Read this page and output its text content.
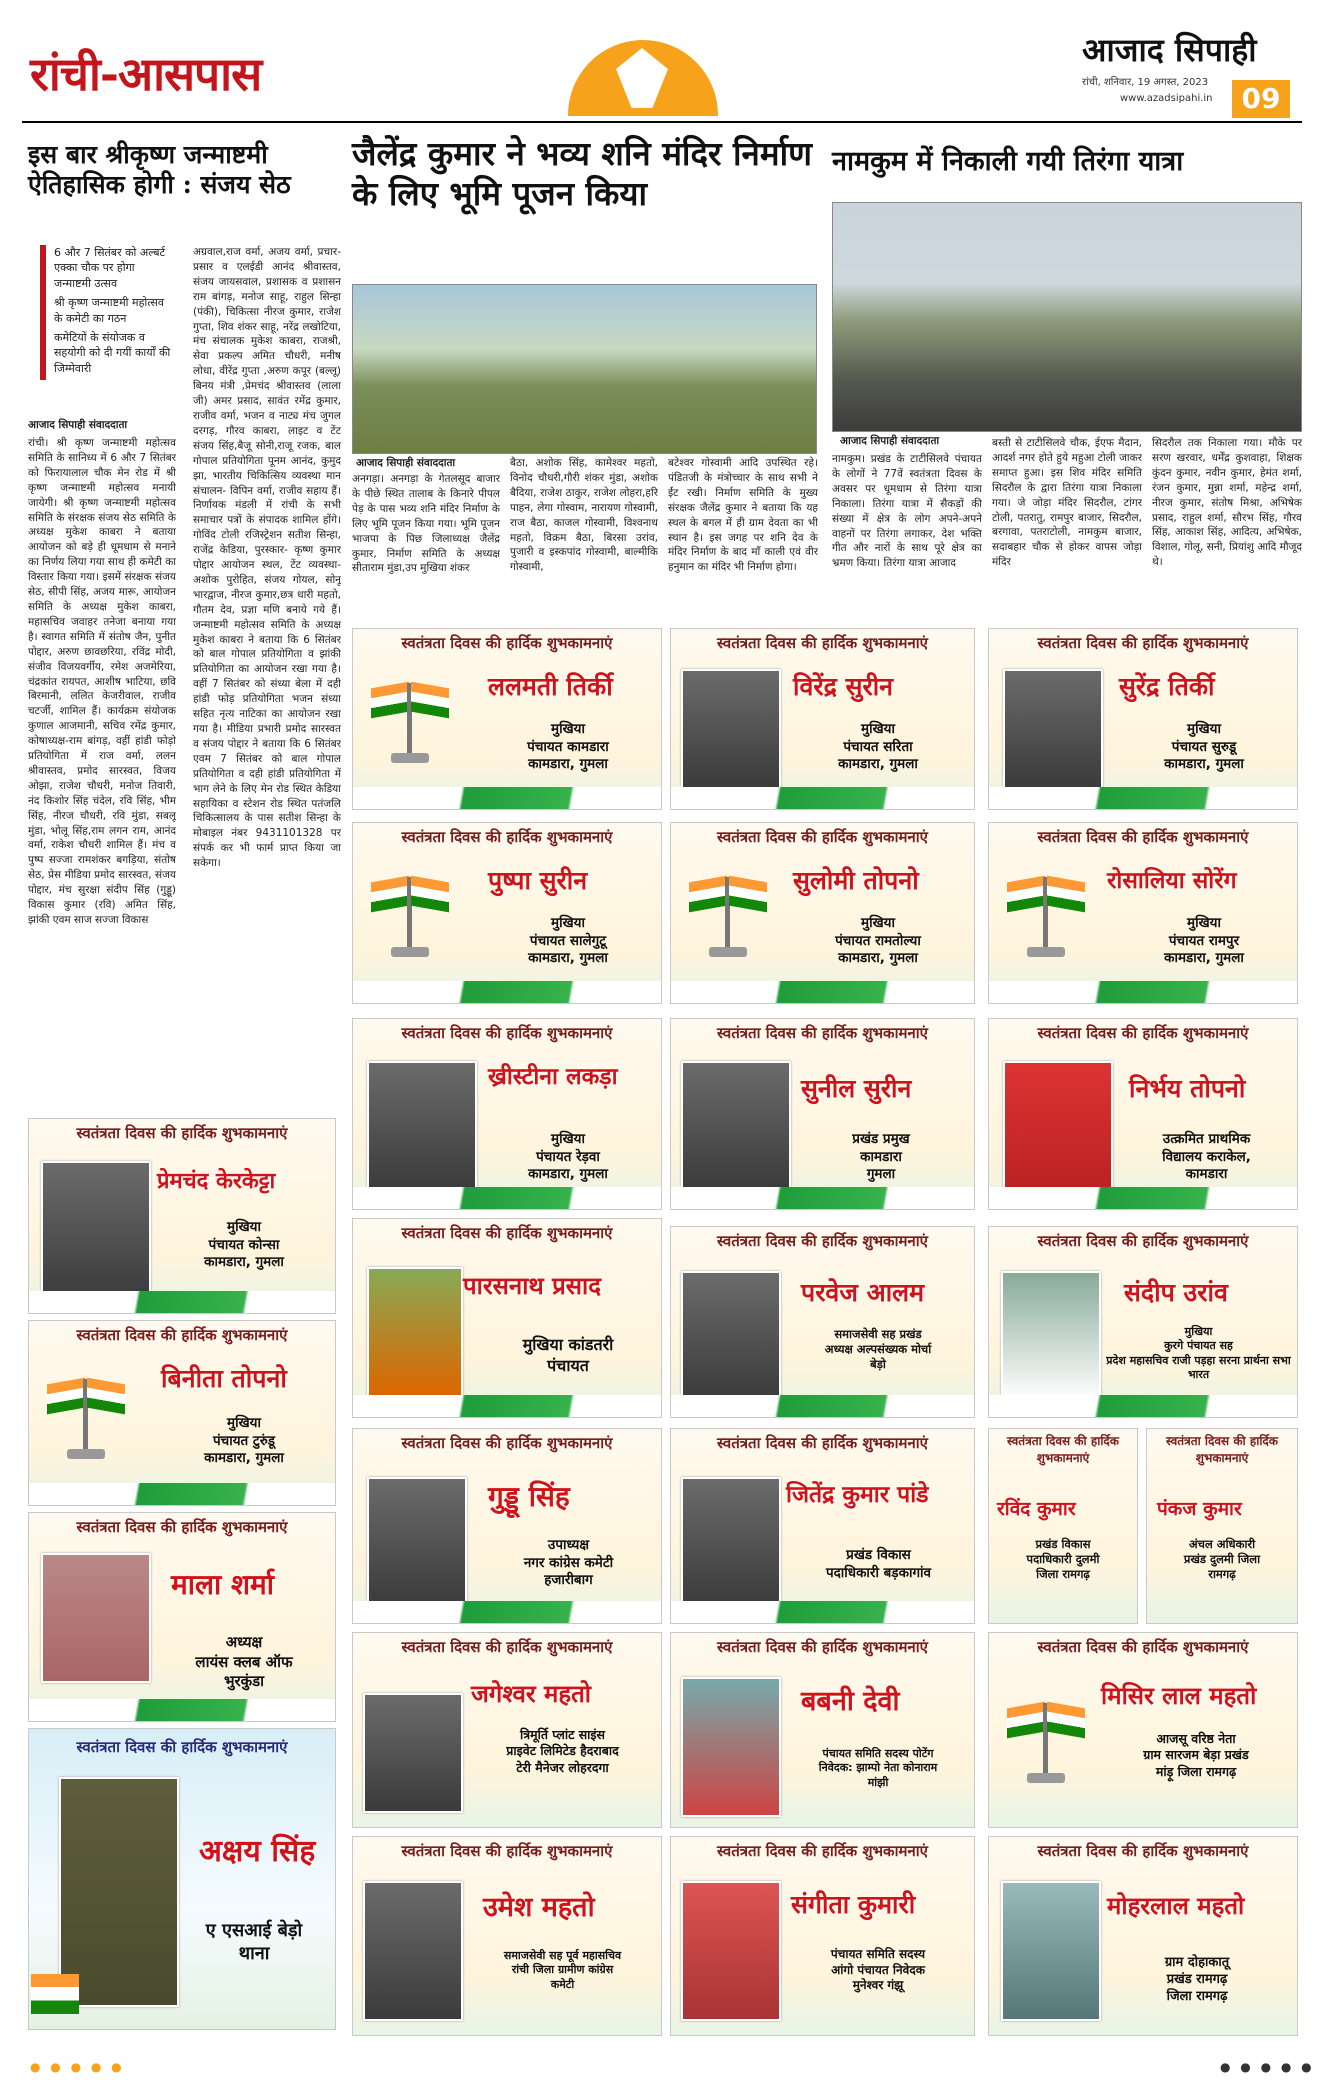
रांची-आसपास	आजाद सिपाही
रांची, शनिवार, 19 अगस्त, 2023
www.azadsipahi.in	09
इस बार श्रीकृष्ण जन्माष्टमी ऐतिहासिक होगी : संजय सेठ
6 और 7 सितंबर को अल्बर्ट एक्का चौक पर होगा जन्माष्टमी उत्सव
श्री कृष्ण जन्माष्टमी महोत्सव के कमेटी का गठन
कमेटियों के संयोजक व सहयोगी को दी गयीं कार्यों की जिम्मेवारी
आजाद सिपाही संवाददाता
रांची। श्री कृष्ण जन्माष्टमी महोत्सव समिति के सानिध्य में 6 और 7 सितंबर को फिरायालाल चौक मेन रोड में श्री कृष्ण जन्माष्टमी महोत्सव मनायी जायेगी। श्री कृष्ण जन्माष्टमी महोत्सव समिति के संरक्षक संजय सेठ समिति के अध्यक्ष मुकेश काबरा ने बताया आयोजन को बड़े ही धूमधाम से मनाने का निर्णय लिया गया साथ ही कमेटी का विस्तार किया गया। इसमें संरक्षक संजय सेठ, सीपी सिंह, अजय मारू, आयोजन समिति के अध्यक्ष मुकेश काबरा, महासचिव जवाहर तनेजा बनाया गया है। स्वागत समिति में संतोष जैन, पुनीत पोद्दार, अरुण छावछरिया, रविंद्र मोदी, संजीव विजयवर्गीय, रमेश अजमेरिया, चंद्रकांत रायपत, आशीष भाटिया, छवि बिरमानी, ललित केजरीवाल, राजीव चटर्जी, शामिल हैं। कार्यक्रम संयोजक कुणाल आजमानी, सचिव रमेंद्र कुमार, कोषाध्यक्ष-राम बांगड़, वहीं हांडी फोड़ो प्रतियोगिता में राज वर्मा, ललन श्रीवास्तव, प्रमोद सारस्वत, विजय ओझा, राजेश चौधरी, मनोज तिवारी, नंद किशोर सिंह चंदेल, रवि सिंह, भीम सिंह, नीरज चौधरी, रवि मुंडा, सबलू मुंडा, भोलू सिंह,राम लगन राम, आनंद वर्मा, राकेश चौधरी शामिल हैं। मंच व पुष्प सज्जा रामशंकर बगड़िया, संतोष सेठ, प्रेस मीडिया प्रमोद सारस्वत, संजय पोद्दार, मंच सुरक्षा संदीप सिंह (गुड्डू) विकास कुमार (रवि) अमित सिंह, झांकी एवम साज सज्जा विकास
अग्रवाल,राज वर्मा, अजय वर्मा, प्रचार-प्रसार व एलईडी आनंद श्रीवास्तव, संजय जायसवाल, प्रशासक व प्रशासन राम बांगड़, मनोज साहू, राहुल सिन्हा (पंकी), चिकित्सा नीरज कुमार, राजेश गुप्ता, शिव शंकर साहू, नरेंद्र लखोटिया, मंच संचालक मुकेश काबरा, राजश्री, सेवा प्रकल्प अमित चौधरी, मनीष लोधा, वीरेंद्र गुप्ता ,अरुण कपूर (बल्लू) बिनय मंत्री ,प्रेमचंद श्रीवास्तव (लाला जी) अमर प्रसाद, सावंत रमेंद्र कुमार, राजीव वर्मा, भजन व नाट्य मंच जुगल दरगड़, गौरव काबरा, लाइट व टेंट संजय सिंह,बैजू सोनी,राजू रजक, बाल गोपाल प्रतियोगिता पूनम आनंद, कुमुद झा, भारतीय चिकित्सिय व्यवस्था मान संचालन- विपिन वर्मा, राजीव सहाय हैं। निर्णायक मंडली में रांची के सभी समाचार पत्रों के संपादक शामिल होंगे। गोविंद टोली रजिस्ट्रेशन सतीश सिन्हा, राजेंद्र केडिया, पुरस्कार- कृष्ण कुमार पोद्दार आयोजन स्थल, टेंट व्यवस्था-अशोक पुरोहित, संजय गोयल, सोनू भारद्वाज, नीरज कुमार,छत्र धारी महतो, गौतम देव, प्रज्ञा मणि बनाये गये हैं। जन्माष्टमी महोत्सव समिति के अध्यक्ष मुकेश काबरा ने बताया कि 6 सितंबर को बाल गोपाल प्रतियोगिता व झांकी प्रतियोगिता का आयोजन रखा गया है। वहीं 7 सितंबर को संध्या बेला में दही हांडी फोड़ प्रतियोगिता भजन संध्या सहित नृत्य नाटिका का आयोजन रखा गया है। मीडिया प्रभारी प्रमोद सारस्वत व संजय पोद्दार ने बताया कि 6 सितंबर एवम 7 सितंबर को बाल गोपाल प्रतियोगिता व दही हांडी प्रतियोगिता में भाग लेने के लिए मेन रोड स्थित केडिया सहायिका व स्टेशन रोड स्थित पतंजलि चिकित्सालय के पास सतीश सिन्हा के मोबाइल नंबर 9431101328 पर संपर्क कर भी फार्म प्राप्त किया जा सकेगा।
जैलेंद्र कुमार ने भव्य शनि मंदिर निर्माण के लिए भूमि पूजन किया
आजाद सिपाही संवाददाता
अनगड़ा। अनगड़ा के गेतलसूद बाजार के पीछे स्थित तालाब के किनारे पीपल पेड़ के पास भव्य शनि मंदिर निर्माण के लिए भूमि पूजन किया गया। भूमि पूजन भाजपा के पिछ जिलाध्यक्ष जैलेंद्र कुमार, निर्माण समिति के अध्यक्ष सीताराम मुंडा,उप मुखिया शंकर
बैठा, अशोक सिंह, कामेश्वर महतो, विनोद चौधरी,गौरी शंकर मुंडा, अशोक बैदिया, राजेश ठाकुर, राजेश लोहरा,हरि पाहन, लेगा गोस्वाम, नारायण गोस्वामी, राज बैठा, काजल गोस्वामी, विश्वनाथ महतो, विक्रम बैठा, बिरसा उरांव, पुजारी व इस्कपांद गोस्वामी, बाल्मीकि गोस्वामी,
बटेश्वर गोस्वामी आदि उपस्थित रहे। पंडितजी के मंत्रोच्चार के साथ सभी ने ईंट रखी। निर्माण समिति के मुख्य संरक्षक जैलेंद्र कुमार ने बताया कि यह स्थल के बगल में ही ग्राम देवता का भी स्थान है। इस जगह पर शनि देव के मंदिर निर्माण के बाद माँ काली एवं वीर हनुमान का मंदिर भी निर्माण होगा।
नामकुम में निकाली गयी तिरंगा यात्रा
आजाद सिपाही संवाददाता
नामकुम। प्रखंड के टाटीसिलवे पंचायत के लोगों ने 77वें स्वतंत्रता दिवस के अवसर पर धूमधाम से तिरंगा यात्रा निकाला। तिरंगा यात्रा में सैकड़ों की संख्या में क्षेत्र के लोग अपने-अपने वाहनों पर तिरंगा लगाकर, देश भक्ति गीत और नारों के साथ पूरे क्षेत्र का भ्रमण किया। तिरंगा यात्रा आजाद
बस्ती से टाटीसिलवे चौक, ईएफ मैदान, आदर्श नगर होते हुये महुआ टोली जाकर समाप्त हुआ। इस शिव मंदिर समिति सिदरौल के द्वारा तिरंगा यात्रा निकाला गया। जे जोड़ा मंदिर सिदरौल, टांगर टोली, पतरातु, रामपुर बाजार, सिदरौल, बरगावा, पतराटोली, नामकुम बाजार, सदाबहार चौक से होकर वापस जोड़ा मंदिर
सिदरौल तक निकाला गया। मौके पर सरण खरवार, धर्मेंद्र कुशवाहा, शिक्षक कुंदन कुमार, नवीन कुमार, हेमंत शर्मा, रंजन कुमार, मुन्ना शर्मा, महेन्द्र शर्मा, नीरज कुमार, संतोष मिश्रा, अभिषेक प्रसाद, राहुल शर्मा, सौरभ सिंह, गौरव सिंह, आकाश सिंह, आदित्य, अभिषेक, विशाल, गोलू, सनी, प्रियांशु आदि मौजूद थे।
स्वतंत्रता दिवस की हार्दिक शुभकामनाएं
ललमती तिर्की
मुखिया
पंचायत कामडारा
कामडारा, गुमला
स्वतंत्रता दिवस की हार्दिक शुभकामनाएं
विरेंद्र सुरीन
मुखिया
पंचायत सरिता
कामडारा, गुमला
स्वतंत्रता दिवस की हार्दिक शुभकामनाएं
सुरेंद्र तिर्की
मुखिया
पंचायत सुरुडू
कामडारा, गुमला
स्वतंत्रता दिवस की हार्दिक शुभकामनाएं
पुष्पा सुरीन
मुखिया
पंचायत सालेगुटू
कामडारा, गुमला
स्वतंत्रता दिवस की हार्दिक शुभकामनाएं
सुलोमी तोपनो
मुखिया
पंचायत रामतोल्या
कामडारा, गुमला
स्वतंत्रता दिवस की हार्दिक शुभकामनाएं
रोसालिया सोरेंग
मुखिया
पंचायत रामपुर
कामडारा, गुमला
स्वतंत्रता दिवस की हार्दिक शुभकामनाएं
ख्रीस्टीना लकड़ा
मुखिया
पंचायत रेड़वा
कामडारा, गुमला
स्वतंत्रता दिवस की हार्दिक शुभकामनाएं
सुनील सुरीन
प्रखंड प्रमुख
कामडारा
गुमला
स्वतंत्रता दिवस की हार्दिक शुभकामनाएं
निर्भय तोपनो
उत्क्रमित प्राथमिक
विद्यालय कराकेल,
कामडारा
स्वतंत्रता दिवस की हार्दिक शुभकामनाएं
प्रेमचंद केरकेट्टा
मुखिया
पंचायत कोन्सा
कामडारा, गुमला
स्वतंत्रता दिवस की हार्दिक शुभकामनाएं
बिनीता तोपनो
मुखिया
पंचायत टुरुंडू
कामडारा, गुमला
स्वतंत्रता दिवस की हार्दिक शुभकामनाएं
माला शर्मा
अध्यक्ष
लायंस क्लब ऑफ
भुरकुंडा
स्वतंत्रता दिवस की हार्दिक शुभकामनाएं
अक्षय सिंह
ए एसआई बेड़ो
थाना
स्वतंत्रता दिवस की हार्दिक शुभकामनाएं
पारसनाथ प्रसाद
मुखिया कांडतरी
पंचायत
स्वतंत्रता दिवस की हार्दिक शुभकामनाएं
परवेज आलम
समाजसेवी सह प्रखंड
अध्यक्ष अल्पसंख्यक मोर्चा
बेड़ो
स्वतंत्रता दिवस की हार्दिक शुभकामनाएं
संदीप उरांव
मुखिया
कुरगे पंचायत सह
प्रदेश महासचिव राजी पड़हा सरना प्रार्थना सभा भारत
स्वतंत्रता दिवस की हार्दिक शुभकामनाएं
गुड्डू सिंह
उपाध्यक्ष
नगर कांग्रेस कमेटी
हजारीबाग
स्वतंत्रता दिवस की हार्दिक शुभकामनाएं
जितेंद्र कुमार पांडे
प्रखंड विकास
पदाधिकारी बड़कागांव
स्वतंत्रता दिवस की हार्दिक शुभकामनाएं
रविंद कुमार
प्रखंड विकास
पदाधिकारी दुलमी
जिला रामगढ़
स्वतंत्रता दिवस की हार्दिक शुभकामनाएं
पंकज कुमार
अंचल अधिकारी
प्रखंड दुलमी जिला
रामगढ़
स्वतंत्रता दिवस की हार्दिक शुभकामनाएं
जगेश्वर महतो
त्रिमूर्ति प्लांट साइंस
प्राइवेट लिमिटेड हैदराबाद
टेरी मैनेजर लोहरदगा
स्वतंत्रता दिवस की हार्दिक शुभकामनाएं
बबनी देवी
पंचायत समिति सदस्य पोटेंग
निवेदक: झाम्पो नेता कोनाराम
मांझी
स्वतंत्रता दिवस की हार्दिक शुभकामनाएं
मिसिर लाल महतो
आजसू वरिष्ठ नेता
ग्राम सारजम बेड़ा प्रखंड
मांड़ू जिला रामगढ़
स्वतंत्रता दिवस की हार्दिक शुभकामनाएं
उमेश महतो
समाजसेवी सह पूर्व महासचिव
रांची जिला ग्रामीण कांग्रेस
कमेटी
स्वतंत्रता दिवस की हार्दिक शुभकामनाएं
संगीता कुमारी
पंचायत समिति सदस्य
आंगो पंचायत निवेदक
मुनेश्वर गंझू
स्वतंत्रता दिवस की हार्दिक शुभकामनाएं
मोहरलाल महतो
ग्राम दोहाकातू
प्रखंड रामगढ़
जिला रामगढ़
● ● ● ● ●	● ● ● ● ●
